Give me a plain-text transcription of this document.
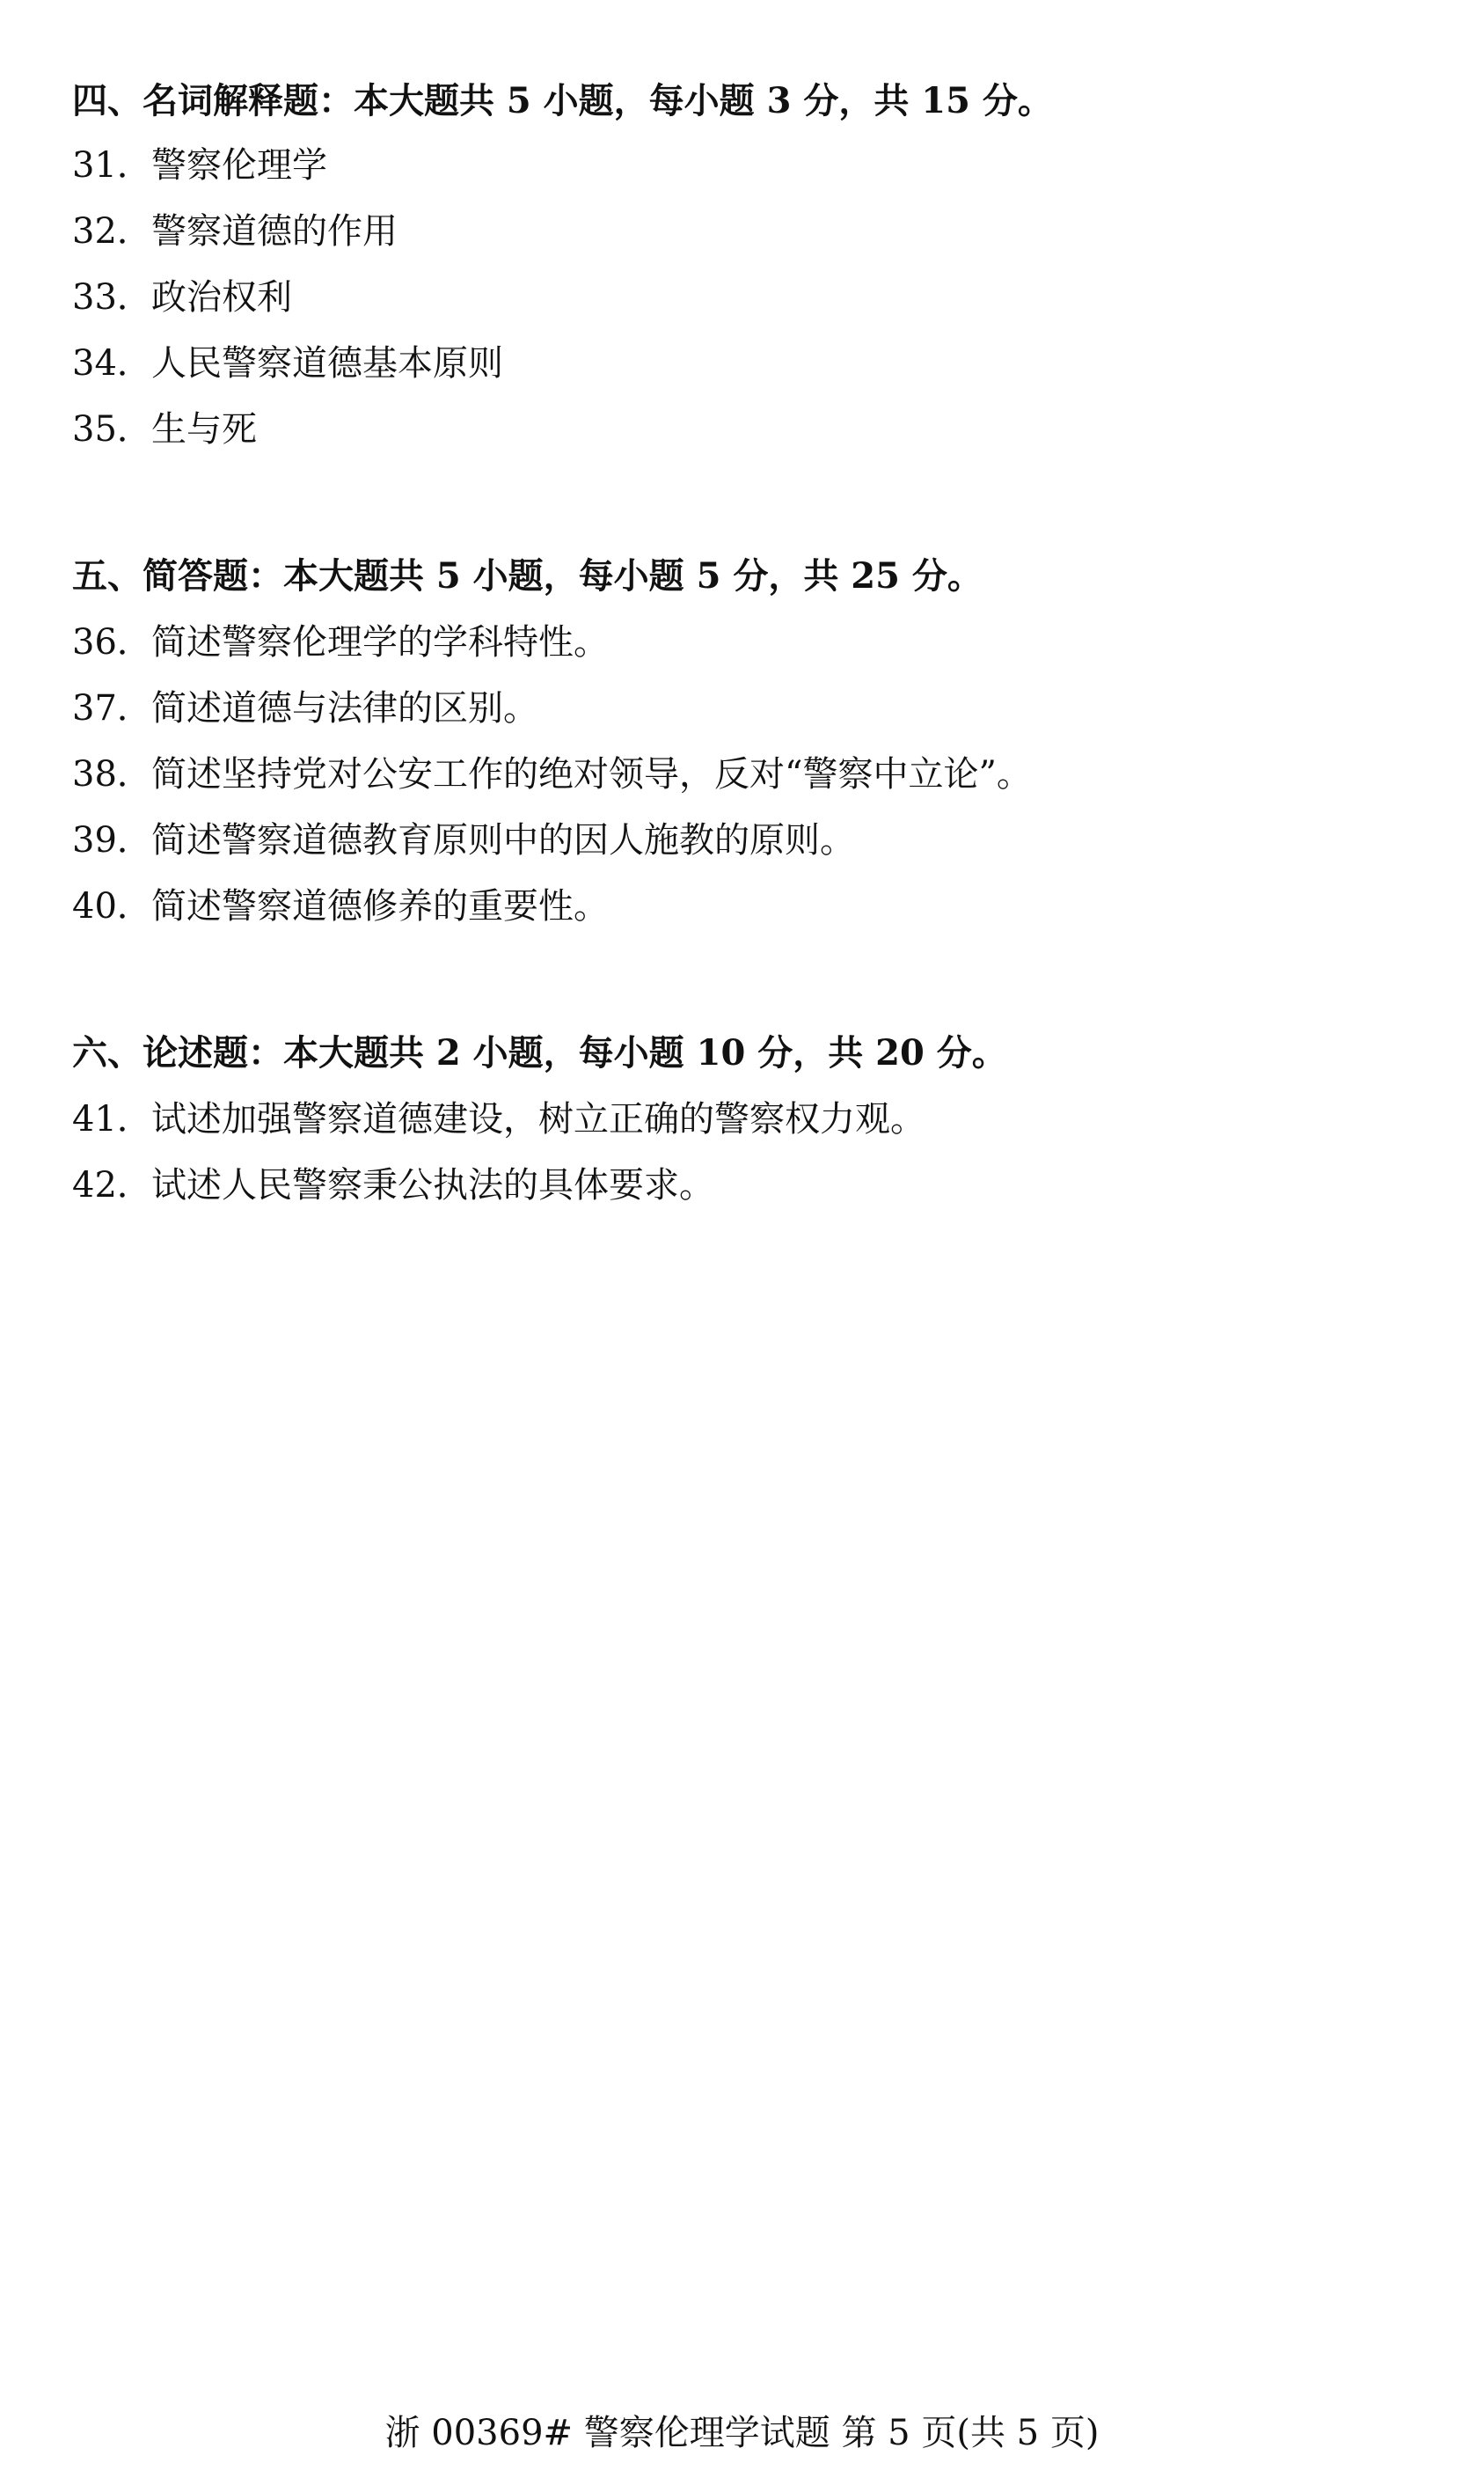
四、名词解释题：本大题共 5 小题，每小题 3 分，共 15 分。
31．警察伦理学
32．警察道德的作用
33．政治权利
34．人民警察道德基本原则
35．生与死
五、简答题：本大题共 5 小题，每小题 5 分，共 25 分。
36．简述警察伦理学的学科特性。
37．简述道德与法律的区别。
38．简述坚持党对公安工作的绝对领导，反对“警察中立论”。
39．简述警察道德教育原则中的因人施教的原则。
40．简述警察道德修养的重要性。
六、论述题：本大题共 2 小题，每小题 10 分，共 20 分。
41．试述加强警察道德建设，树立正确的警察权力观。
42．试述人民警察秉公执法的具体要求。
浙 00369# 警察伦理学试题 第 5 页(共 5 页)
